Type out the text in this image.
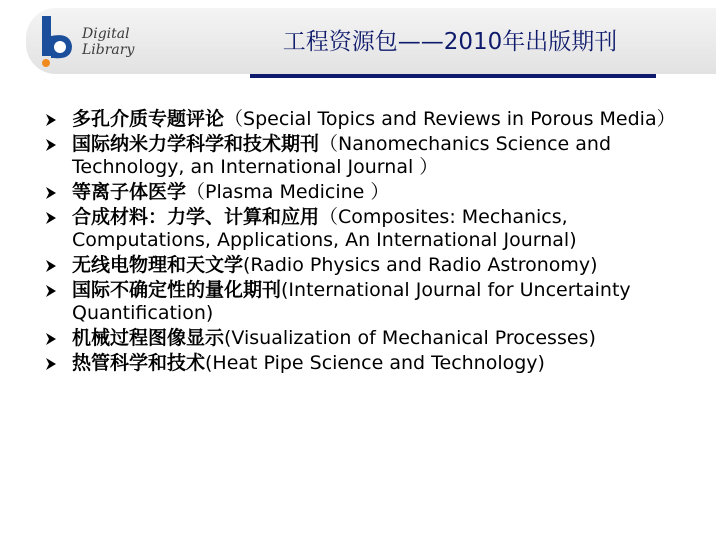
Digital
Library	工程资源包——2010年出版期刊
多孔介质专题评论（Special Topics and Reviews in Porous Media）
国际纳米力学科学和技术期刊（Nanomechanics Science and Technology, an International Journal ）
等离子体医学（Plasma Medicine ）
合成材料：力学、计算和应用（Composites: Mechanics, Computations, Applications, An International Journal)
无线电物理和天文学(Radio Physics and Radio Astronomy)
国际不确定性的量化期刊(International Journal for Uncertainty Quantification)
机械过程图像显示(Visualization of Mechanical Processes)
热管科学和技术(Heat Pipe Science and Technology)
